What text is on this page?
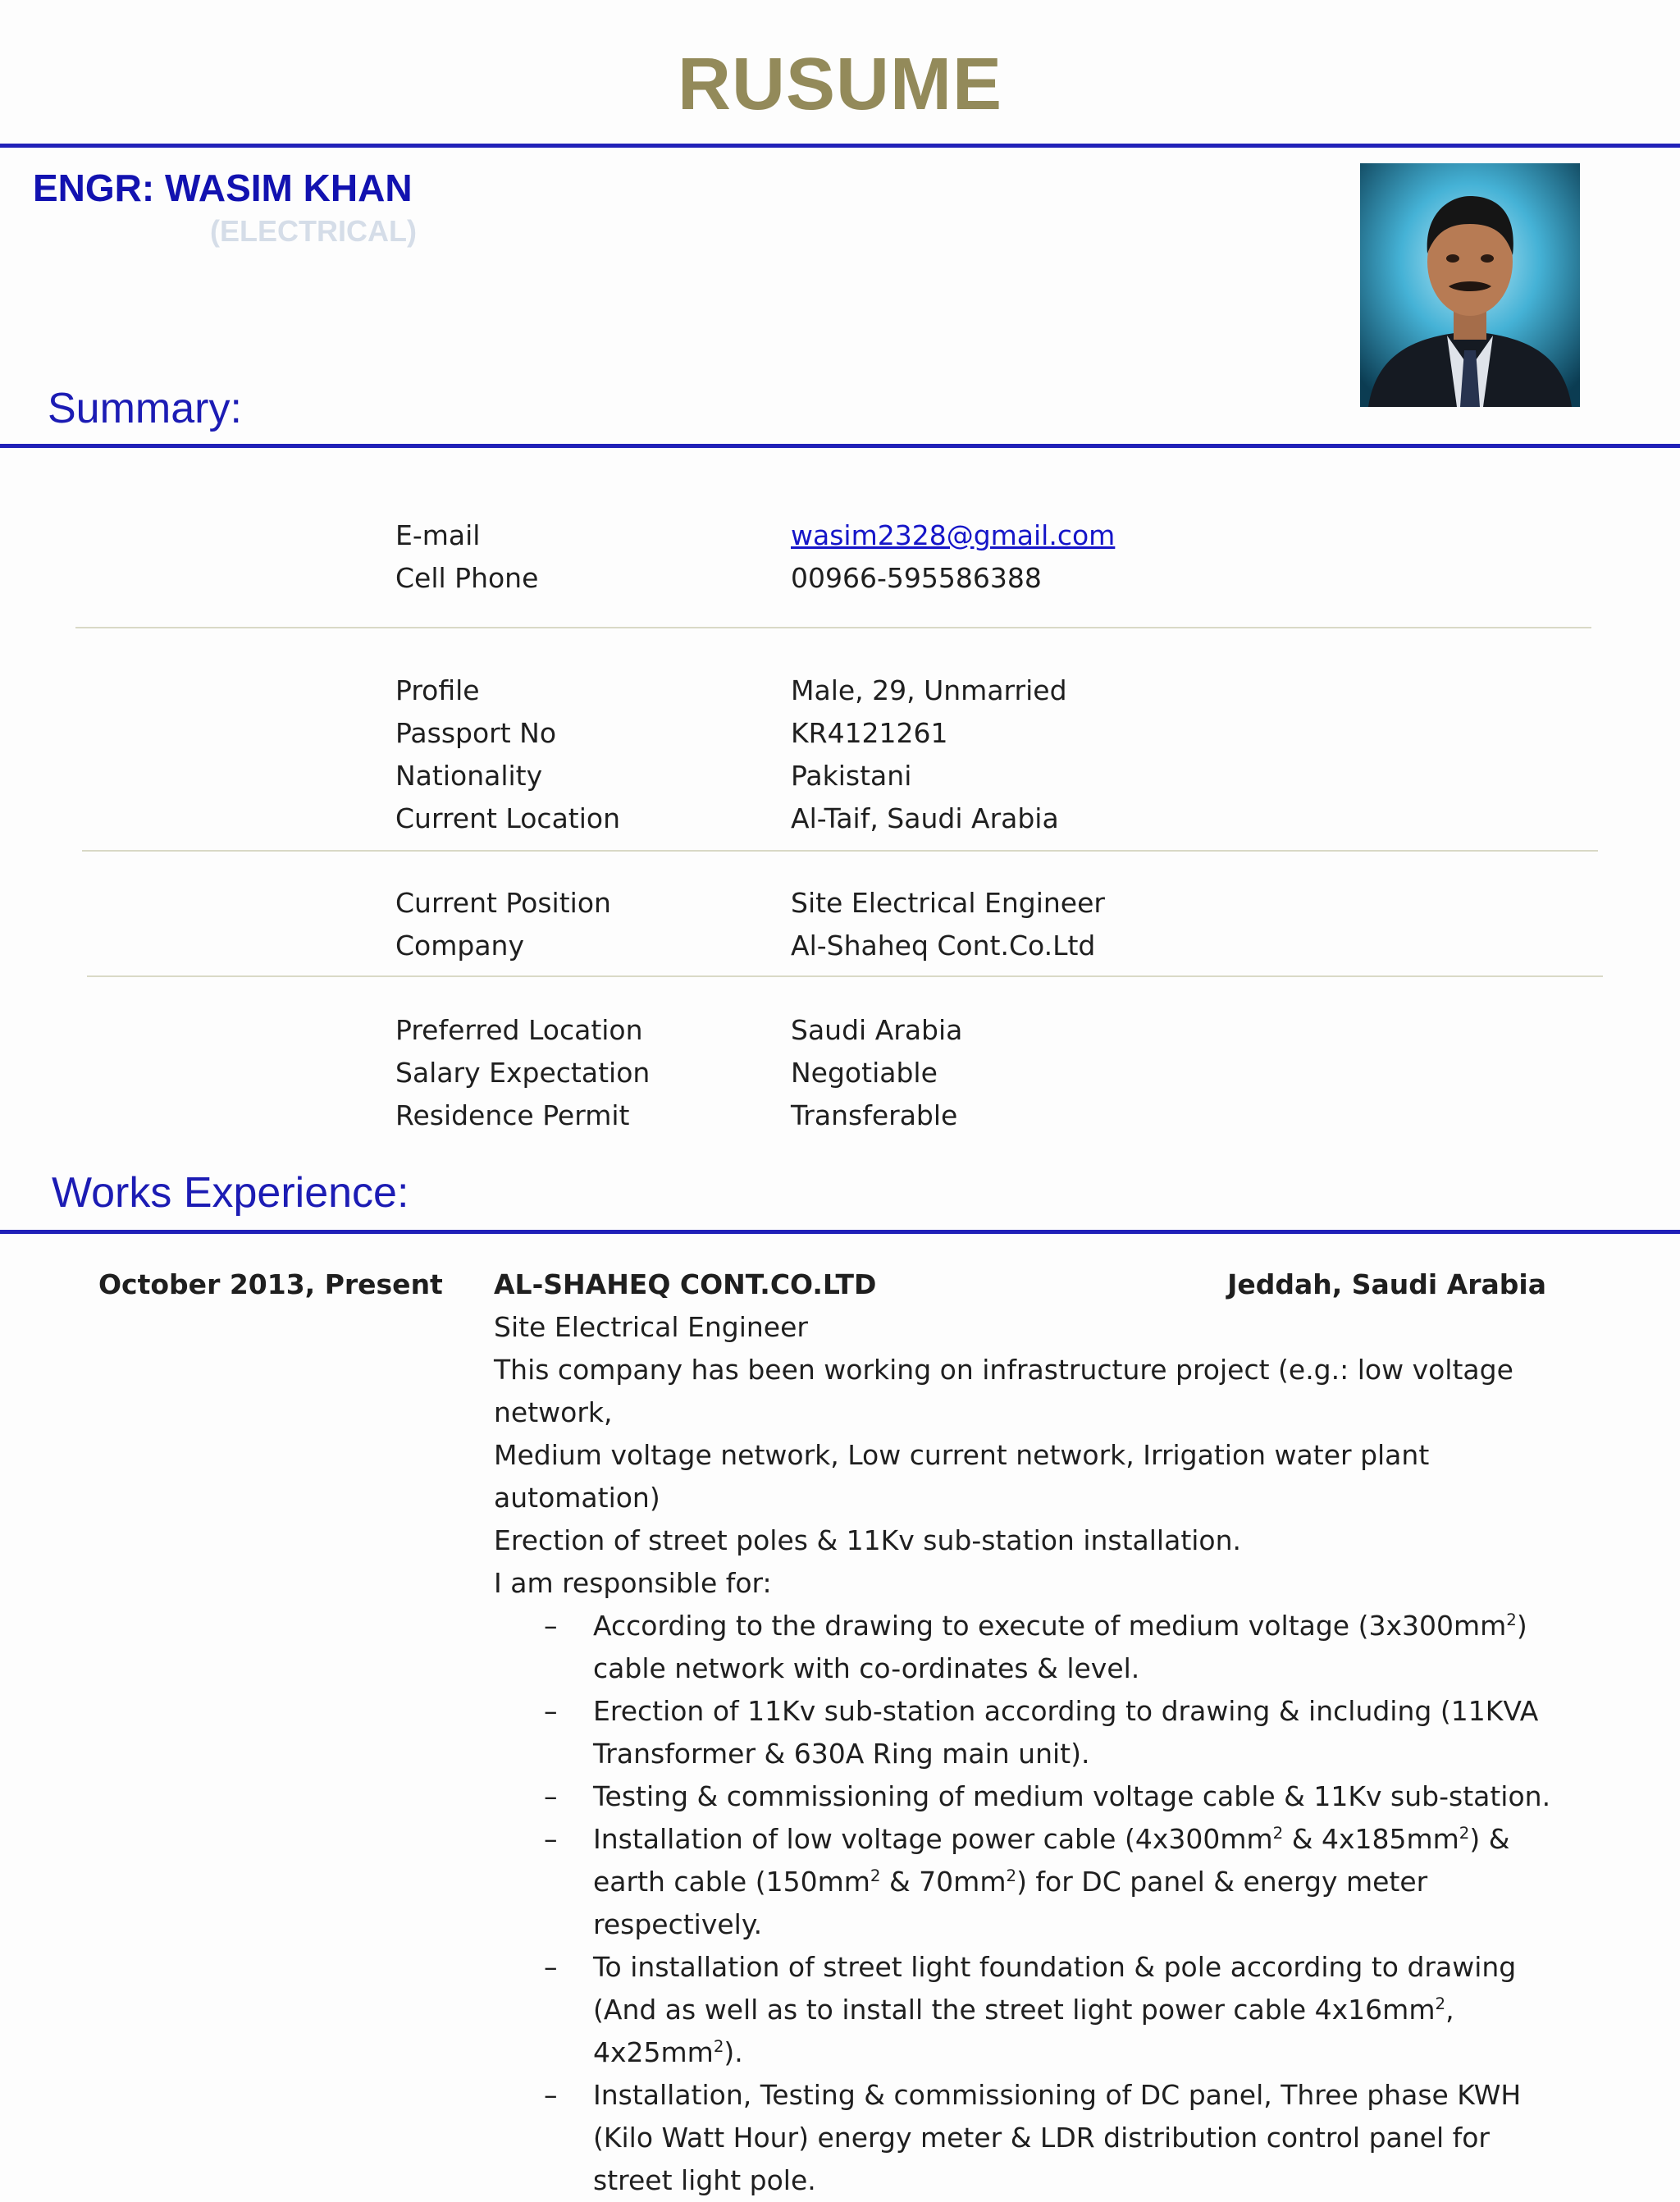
RUSUME
ENGR: WASIM KHAN
(ELECTRICAL)
Summary:
E-mail	wasim2328@gmail.com
Cell Phone	00966-595586388
Profile	Male, 29, Unmarried
Passport No	KR4121261
Nationality	Pakistani
Current Location	Al-Taif, Saudi Arabia
Current Position	Site Electrical Engineer
Company	Al-Shaheq Cont.Co.Ltd
Preferred Location	Saudi Arabia
Salary Expectation	Negotiable
Residence Permit	Transferable
Works Experience:
October 2013, Present AL-SHAHEQ CONT.CO.LTD	Jeddah, Saudi Arabia

Site Electrical Engineer

This company has been working on infrastructure project (e.g.: low voltage network,

Medium voltage network, Low current network, Irrigation water plant automation)

Erection of street poles & 11Kv sub-station installation.

I am responsible for:

– According to the drawing to execute of medium voltage $(3x300mm^2)$ cable network with co-ordinates & level.
– Erection of 11Kv sub-station according to drawing & including (11KVA Transformer & 630A Ring main unit).
– Testing & commissioning of medium voltage cable & 11Kv sub-station.
– Installation of low voltage power cable ($4x300mm^2$ & $4x185mm^2$) & earth cable ($150mm^2$ & $70mm^2$) for DC panel & energy meter respectively.
– To installation of street light foundation & pole according to drawing (And as well as to install the street light power cable $4x16mm^2$, $4x25mm^2$).
– Installation, Testing & commissioning of DC panel, Three phase KWH (Kilo Watt Hour) energy meter & LDR distribution control panel for street light pole.
